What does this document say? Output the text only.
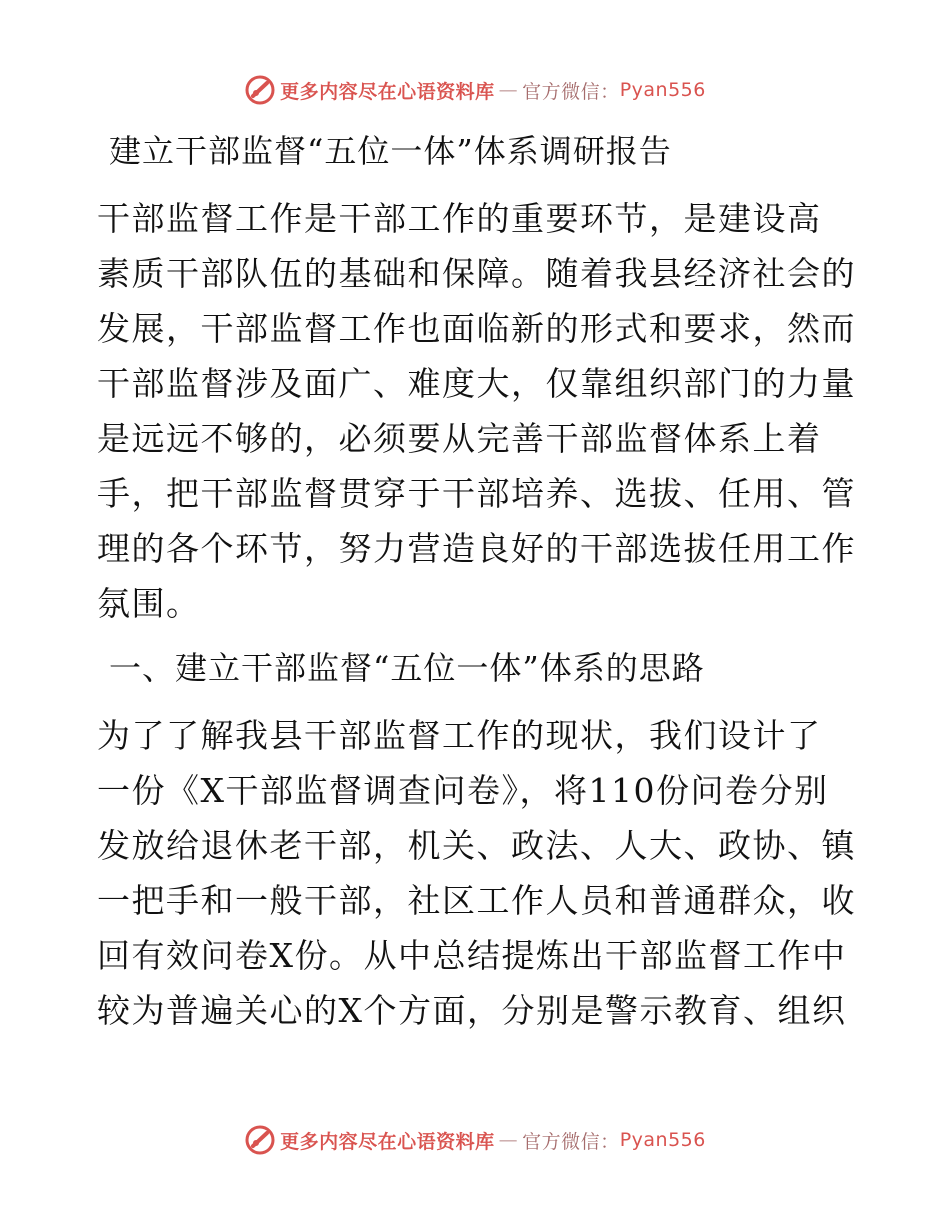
更多内容尽在心语资料库 — 官方微信： Pyan556
建立干部监督“五位一体”体系调研报告
干部监督工作是干部工作的重要环节，是建设高
素质干部队伍的基础和保障。随着我县经济社会的
发展，干部监督工作也面临新的形式和要求，然而
干部监督涉及面广、难度大，仅靠组织部门的力量
是远远不够的，必须要从完善干部监督体系上着
手，把干部监督贯穿于干部培养、选拔、任用、管
理的各个环节，努力营造良好的干部选拔任用工作
氛围。
一、建立干部监督“五位一体”体系的思路
为了了解我县干部监督工作的现状，我们设计了
一份《X干部监督调查问卷》，将110份问卷分别
发放给退休老干部，机关、政法、人大、政协、镇
一把手和一般干部，社区工作人员和普通群众，收
回有效问卷X份。从中总结提炼出干部监督工作中
较为普遍关心的X个方面，分别是警示教育、组织
更多内容尽在心语资料库 — 官方微信： Pyan556
